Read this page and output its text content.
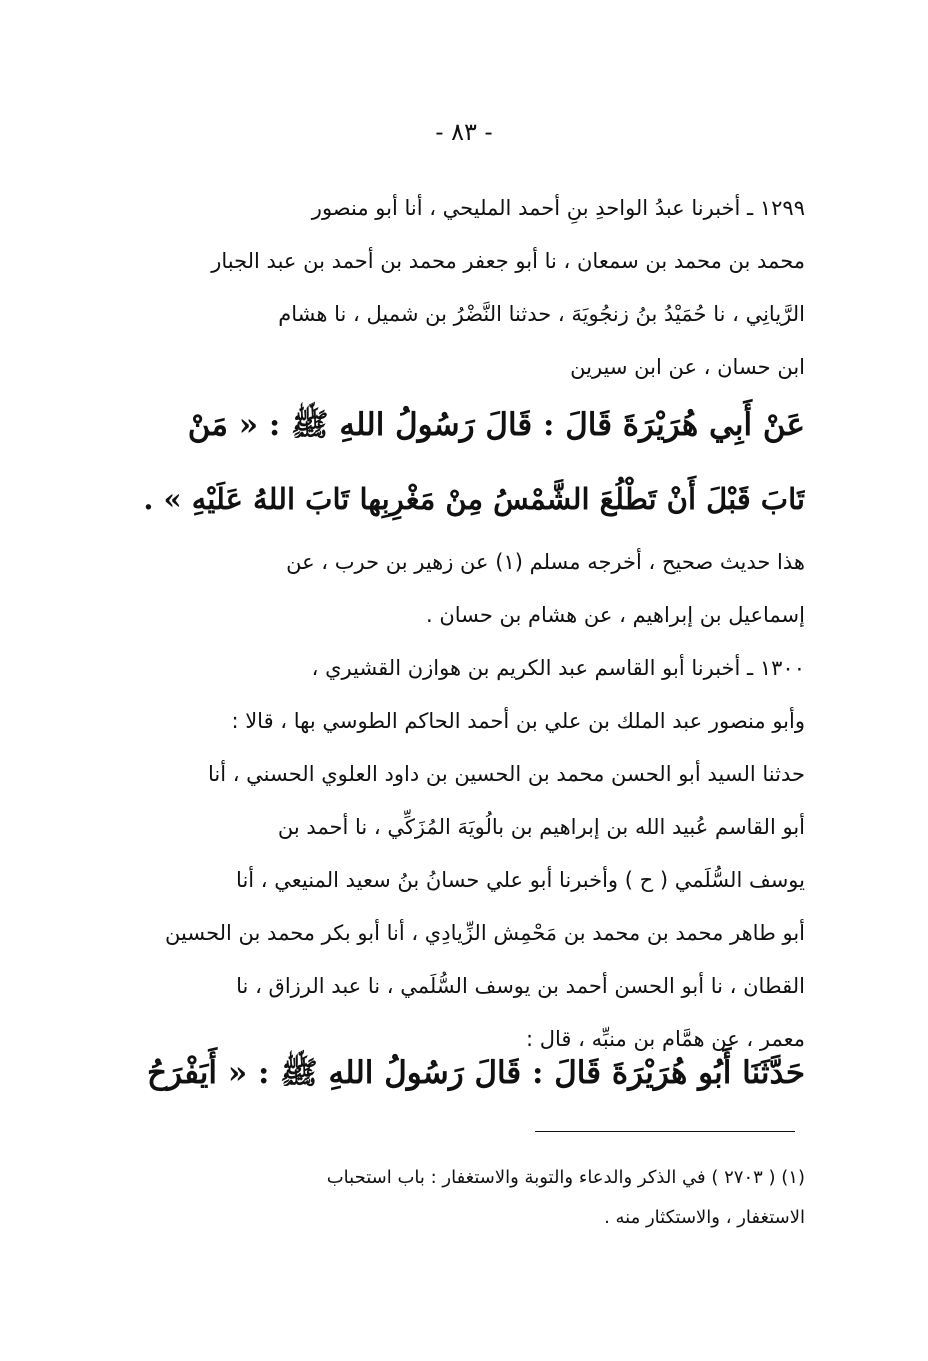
- ٨٣ -
١٢٩٩ ـ أخبرنا عبدُ الواحدِ بنِ أحمد المليحي ، أنا أبو منصور
محمد بن محمد بن سمعان ، نا أبو جعفر محمد بن أحمد بن عبد الجبار
الرَّيانِي ، نا حُمَيْدُ بنُ زنجُويَهَ ، حدثنا النَّضْرُ بن شميل ، نا هشام
ابن حسان ، عن ابن سيرين
عَنْ أَبِي هُرَيْرَةَ قَالَ : قَالَ رَسُولُ اللهِ ﷺ : « مَنْ
تَابَ قَبْلَ أَنْ تَطْلُعَ الشَّمْسُ مِنْ مَغْرِبِها تَابَ اللهُ عَلَيْهِ » .
هذا حديث صحيح ، أخرجه مسلم (١) عن زهير بن حرب ، عن
إسماعيل بن إبراهيم ، عن هشام بن حسان .
١٣٠٠ ـ أخبرنا أبو القاسم عبد الكريم بن هوازن القشيري ،
وأبو منصور عبد الملك بن علي بن أحمد الحاكم الطوسي بها ، قالا :
حدثنا السيد أبو الحسن محمد بن الحسين بن داود العلوي الحسني ، أنا
أبو القاسم عُبيد الله بن إبراهيم بن بالُويَهَ المُزَكِّي ، نا أحمد بن
يوسف السُّلَمي ( ح ) وأخبرنا أبو علي حسانُ بنُ سعيد المنيعي ، أنا
أبو طاهر محمد بن محمد بن مَحْمِش الزِّيادِي ، أنا أبو بكر محمد بن الحسين
القطان ، نا أبو الحسن أحمد بن يوسف السُّلَمي ، نا عبد الرزاق ، نا
معمر ، عن همَّام بن منبِّه ، قال :
حَدَّثَنَا أَبُو هُرَيْرَةَ قَالَ : قَالَ رَسُولُ اللهِ ﷺ : « أَيَفْرَحُ
(١) ( ٢٧٠٣ ) في الذكر والدعاء والتوبة والاستغفار : باب استحباب
الاستغفار ، والاستكثار منه .
